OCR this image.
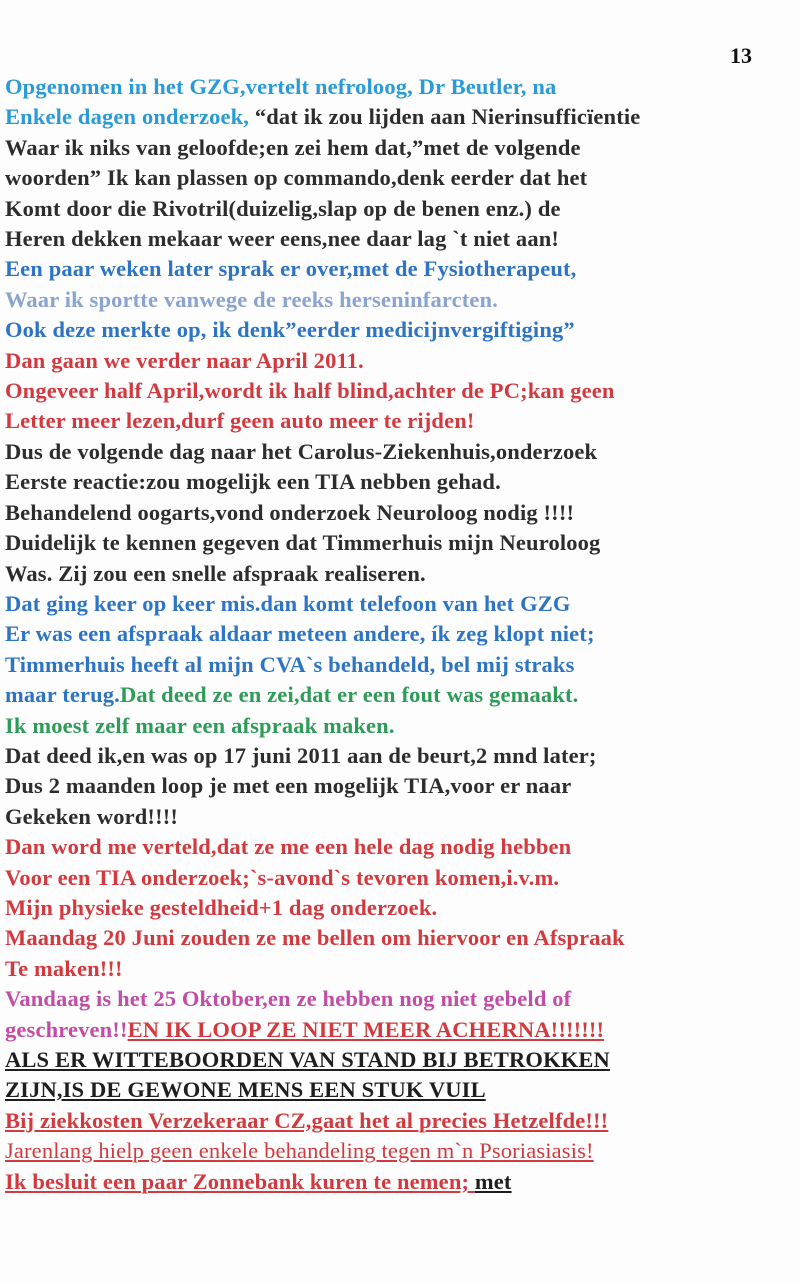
13
Opgenomen in het GZG,vertelt nefroloog, Dr Beutler, na
Enkele dagen onderzoek, “dat ik zou lijden aan Nierinsufficïentie
Waar ik niks van geloofde;en zei hem dat,”met de volgende
woorden” Ik kan plassen op commando,denk eerder dat het
Komt door die Rivotril(duizelig,slap op de benen enz.) de
Heren dekken mekaar weer eens,nee daar lag `t niet aan!
Een paar weken later sprak er over,met de Fysiotherapeut,
Waar ik sportte vanwege de reeks herseninfarcten.
Ook deze merkte op, ik denk”eerder medicijnvergiftiging”
Dan gaan we verder naar April 2011.
Ongeveer half April,wordt ik half blind,achter de PC;kan geen
Letter meer lezen,durf geen auto meer te rijden!
Dus de volgende dag naar het Carolus-Ziekenhuis,onderzoek
Eerste reactie:zou mogelijk een TIA nebben gehad.
Behandelend oogarts,vond onderzoek Neuroloog nodig !!!!
Duidelijk te kennen gegeven dat Timmerhuis mijn Neuroloog
Was. Zij zou een snelle afspraak realiseren.
Dat ging keer op keer mis.dan komt telefoon van het GZG
Er was een afspraak aldaar meteen andere, ík zeg klopt niet;
Timmerhuis heeft al mijn CVA`s behandeld, bel mij straks
maar terug.Dat deed ze en zei,dat er een fout was gemaakt.
Ik moest zelf maar een afspraak maken.
Dat deed ik,en was op 17 juni 2011 aan de beurt,2 mnd later;
Dus 2 maanden loop je met een mogelijk TIA,voor er naar
Gekeken word!!!!
Dan word me verteld,dat ze me een hele dag nodig hebben
Voor een TIA onderzoek;`s-avond`s tevoren komen,i.v.m.
Mijn physieke gesteldheid+1 dag onderzoek.
Maandag 20 Juni zouden ze me bellen om hiervoor en Afspraak
Te maken!!!
Vandaag is het 25 Oktober,en ze hebben nog niet gebeld of
geschreven!!EN IK LOOP ZE NIET MEER ACHERNA!!!!!!!
ALS ER WITTEBOORDEN VAN STAND BIJ BETROKKEN
ZIJN,IS DE GEWONE MENS EEN STUK VUIL
Bij ziekkosten Verzekeraar CZ,gaat het al precies Hetzelfde!!!
Jarenlang hielp geen enkele behandeling tegen m`n Psoriasiasis!
Ik besluit een paar Zonnebank kuren te nemen; met
